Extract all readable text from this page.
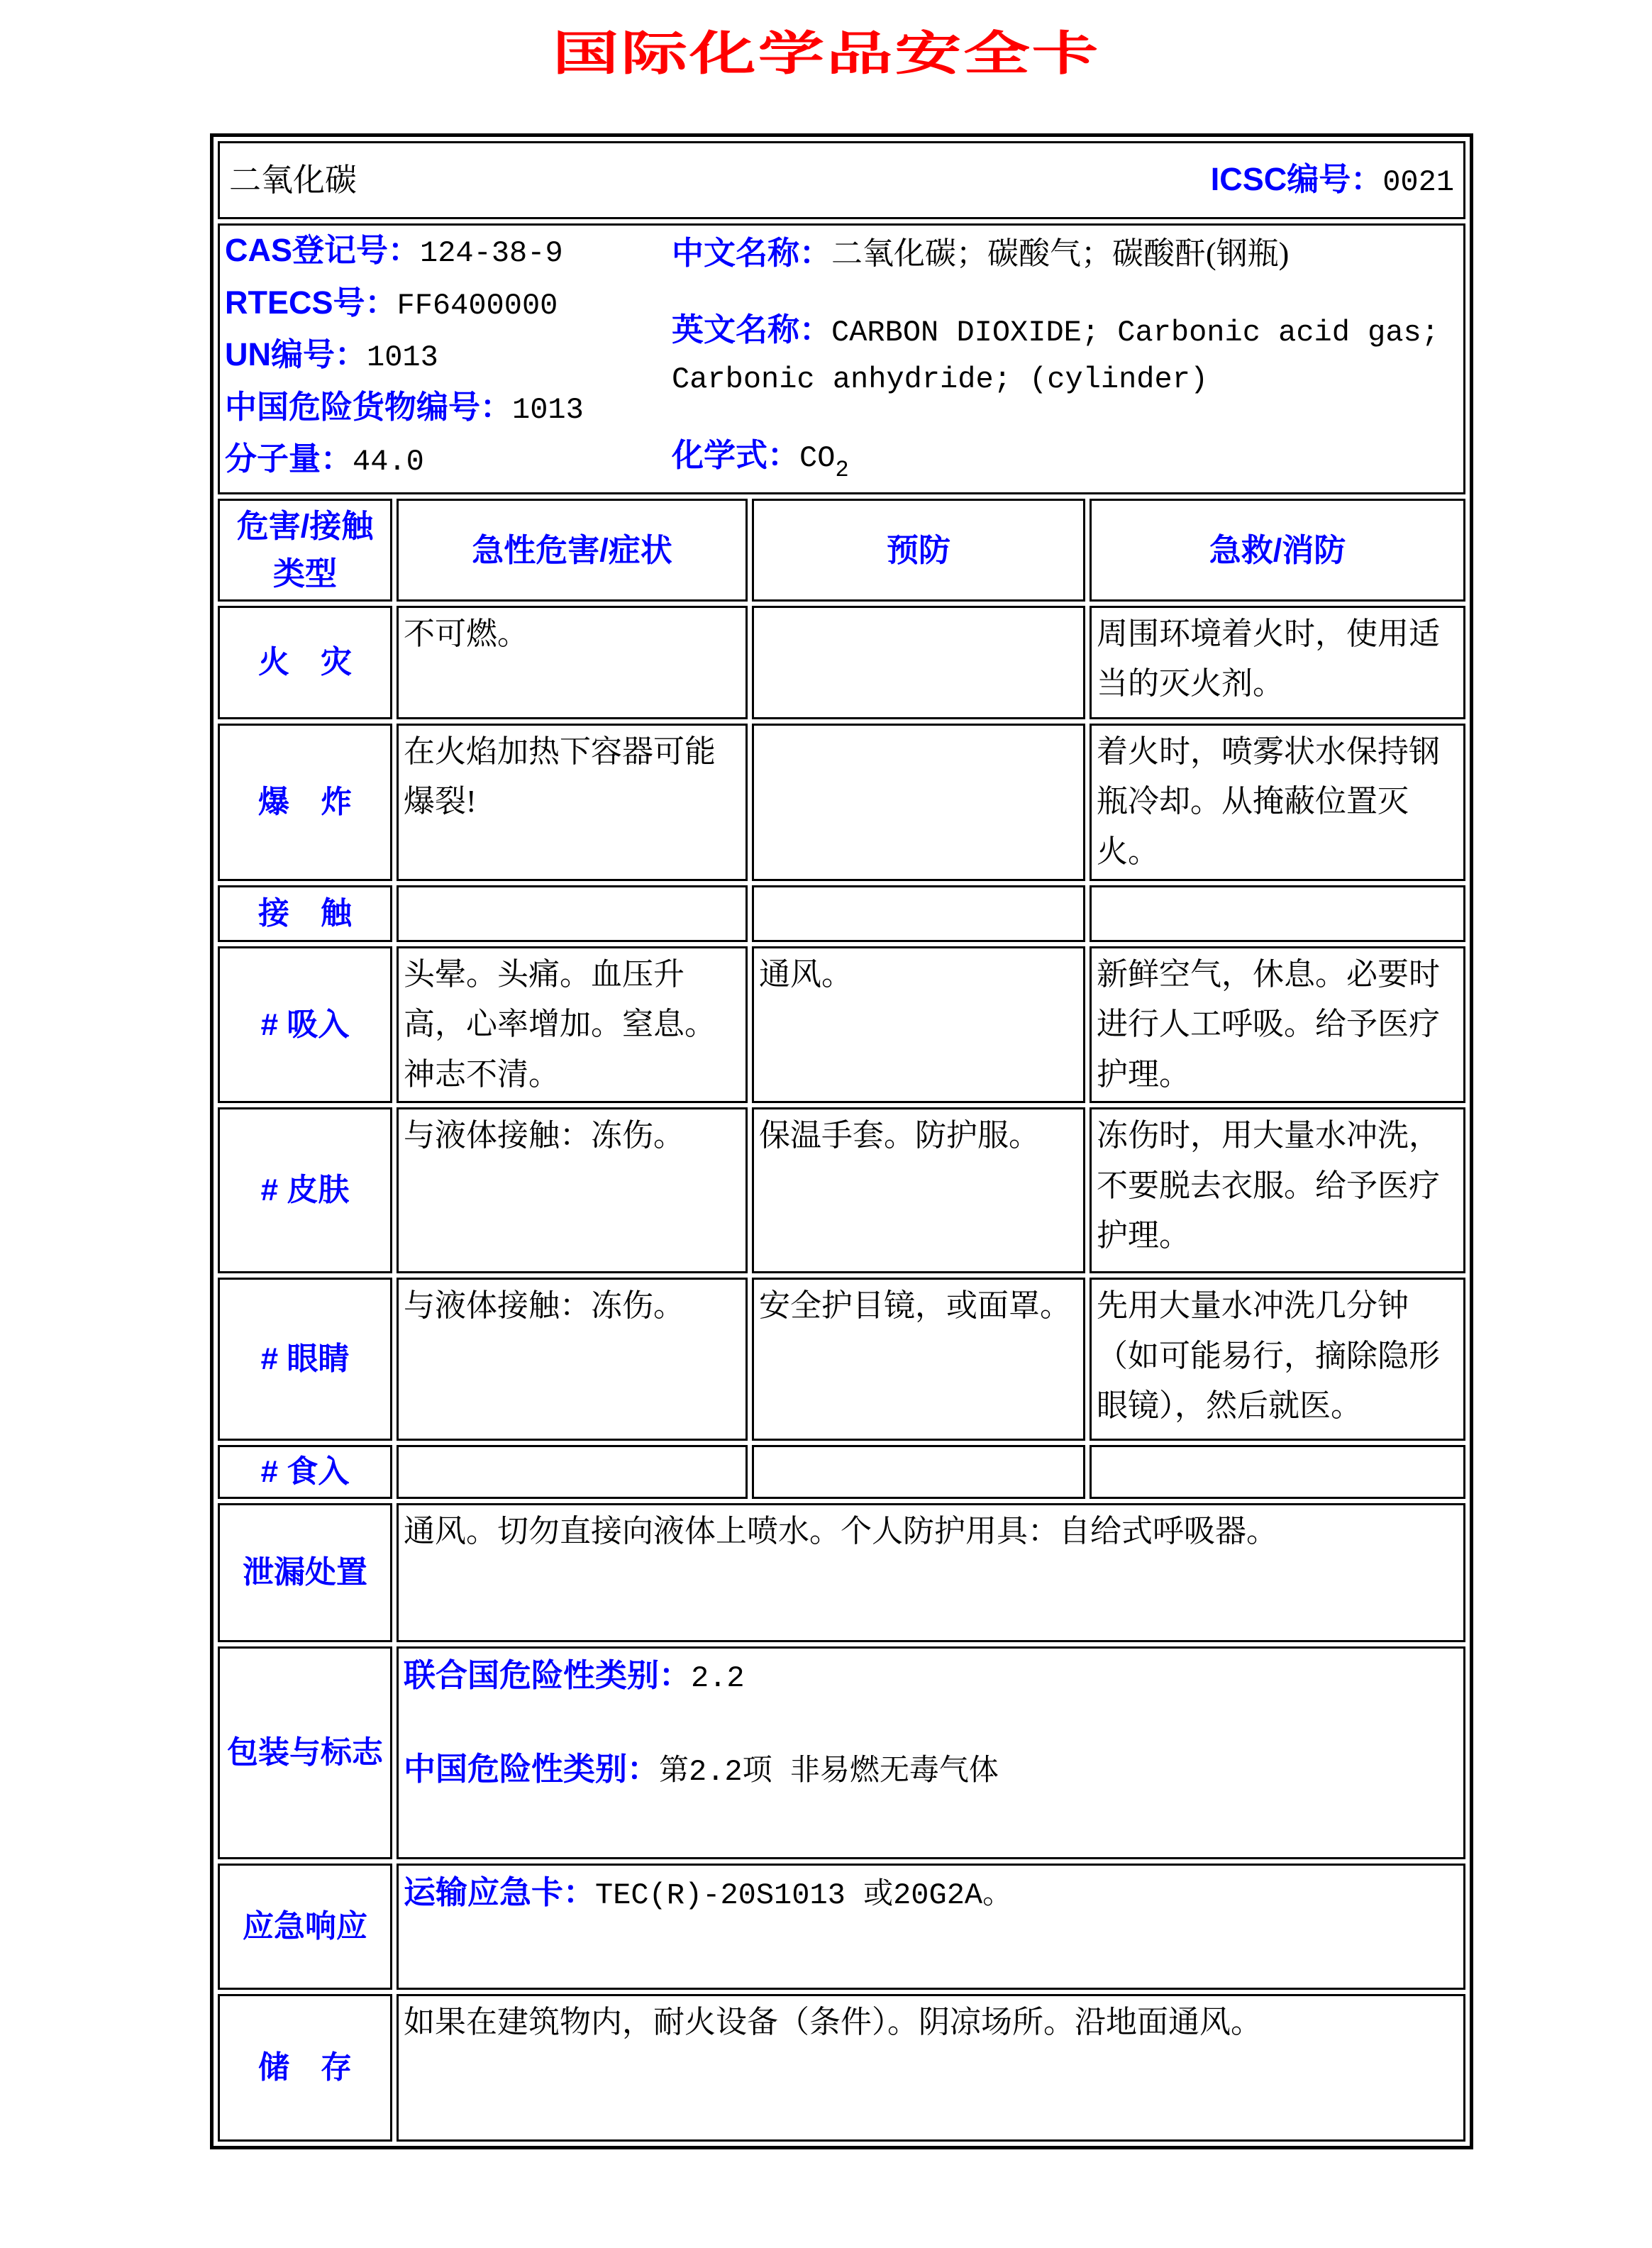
国际化学品安全卡
二氧化碳 ICSC编号：0021			

CAS登记号：124-38-9
RTECS号：FF6400000
UN编号：1013
中国危险货物编号：1013
分子量：44.0
中文名称：二氧化碳；碳酸气；碳酸酐(钢瓶)
英文名称：CARBON DIOXIDE; Carbonic acid gas; Carbonic anhydride; (cylinder)
化学式：$CO_2$

危害/接触类型	急性危害/症状	预防	急救/消防
火　灾	不可燃。		周围环境着火时，使用适当的灭火剂。
爆　炸	在火焰加热下容器可能爆裂!		着火时，喷雾状水保持钢瓶冷却。从掩蔽位置灭火。
接　触			
# 吸入	头晕。头痛。血压升高，心率增加。窒息。神志不清。	通风。	新鲜空气，休息。必要时进行人工呼吸。给予医疗护理。
# 皮肤	与液体接触：冻伤。	保温手套。防护服。	冻伤时，用大量水冲洗，不要脱去衣服。给予医疗护理。
# 眼睛	与液体接触：冻伤。	安全护目镜，或面罩。	先用大量水冲洗几分钟（如可能易行，摘除隐形眼镜），然后就医。
# 食入			
泄漏处置	通风。切勿直接向液体上喷水。个人防护用具：自给式呼吸器。		
包装与标志	联合国危险性类别：2.2
中国危险性类别：第2.2项 非易燃无毒气体		

应急响应	运输应急卡：TEC(R)-20S1013 或20G2A。		
储　存	如果在建筑物内，耐火设备（条件）。阴凉场所。沿地面通风。		
